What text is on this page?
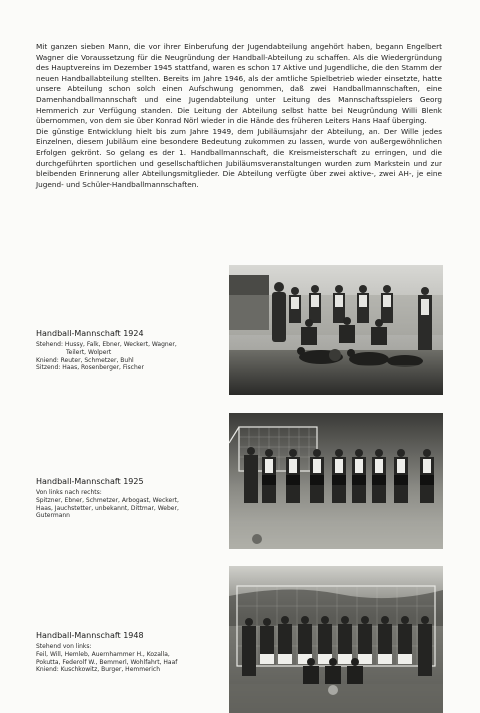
Mit ganzen sieben Mann, die vor ihrer Einberufung der Jugendabteilung angehört haben, begann Engelbert Wagner die Voraussetzung für die Neugründung der Handball-Abteilung zu schaffen. Als die Wiedergründung des Hauptvereins im Dezember 1945 stattfand, waren es schon 17 Aktive und Jugendliche, die den Stamm der neuen Handballabteilung stellten. Bereits im Jahre 1946, als der amtliche Spielbetrieb wieder einsetzte, hatte unsere Abteilung schon solch einen Aufschwung genommen, daß zwei Handballmannschaften, eine Damenhandballmannschaft und eine Jugendabteilung unter Leitung des Mannschaftsspielers Georg Hemmerich zur Verfügung standen. Die Leitung der Abteilung selbst hatte bei Neugründung Willi Blenk übernommen, von dem sie über Konrad Nörl wieder in die Hände des früheren Leiters Hans Haaf überging.

Die günstige Entwicklung hielt bis zum Jahre 1949, dem Jubiläumsjahr der Abteilung, an. Der Wille jedes Einzelnen, diesem Jubiläum eine besondere Bedeutung zukommen zu lassen, wurde von außergewöhnlichen Erfolgen gekrönt. So gelang es der 1. Handballmannschaft, die Kreismeisterschaft zu erringen, und die durchgeführten sportlichen und gesellschaftlichen Jubiläumsveranstaltungen wurden zum Markstein und zur bleibenden Erinnerung aller Abteilungsmitglieder. Die Abteilung verfügte über zwei aktive-, zwei AH-, je eine Jugend- und Schüler-Handballmannschaften.

Handball-Mannschaft 1924
Stehend: Hussy, Falk, Ebner, Weckert, Wagner,
Teilert, Wolpert
Kniend: Reuter, Schmetzer, Buhl
Sitzend: Haas, Rosenberger, Fischer
Handball-Mannschaft 1925
Von links nach rechts:
Spitzner, Ebner, Schmetzer, Arbogast, Weckert,
Haas, Jauchstetter, unbekannt, Dittmar, Weber,
Gutermann
Handball-Mannschaft 1948
Stehend von links:
Feil, Will, Hemleb, Auernhammer H., Kozalla,
Pokutta, Federolf W., Bemmerl, Wohlfahrt, Haaf
Kniend: Kuschkowitz, Burger, Hemmerich
